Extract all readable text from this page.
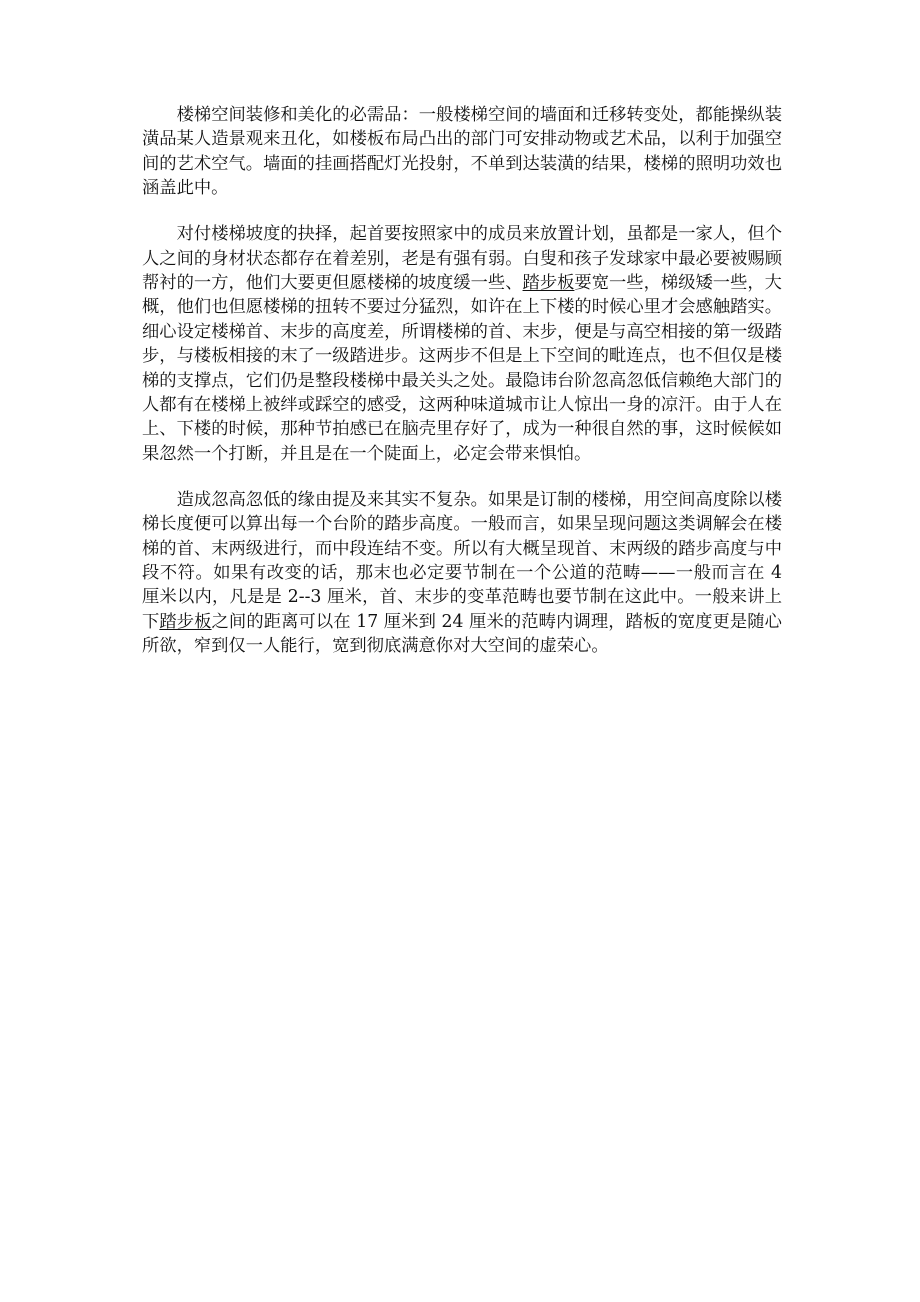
楼梯空间装修和美化的必需品：一般楼梯空间的墙面和迁移转变处，都能操纵装潢品某人造景观来丑化，如楼板布局凸出的部门可安排动物或艺术品，以利于加强空间的艺术空气。墙面的挂画搭配灯光投射，不单到达装潢的结果，楼梯的照明功效也涵盖此中。

对付楼梯坡度的抉择，起首要按照家中的成员来放置计划，虽都是一家人，但个人之间的身材状态都存在着差别，老是有强有弱。白叟和孩子发球家中最必要被赐顾帮衬的一方，他们大要更但愿楼梯的坡度缓一些、踏步板要宽一些，梯级矮一些，大概，他们也但愿楼梯的扭转不要过分猛烈，如许在上下楼的时候心里才会感触踏实。细心设定楼梯首、末步的高度差，所谓楼梯的首、末步，便是与高空相接的第一级踏步，与楼板相接的末了一级踏进步。这两步不但是上下空间的毗连点，也不但仅是楼梯的支撑点，它们仍是整段楼梯中最关头之处。最隐讳台阶忽高忽低信赖绝大部门的人都有在楼梯上被绊或踩空的感受，这两种味道城市让人惊出一身的凉汗。由于人在上、下楼的时候，那种节拍感已在脑壳里存好了，成为一种很自然的事，这时候候如果忽然一个打断，并且是在一个陡面上，必定会带来惧怕。

造成忽高忽低的缘由提及来其实不复杂。如果是订制的楼梯，用空间高度除以楼梯长度便可以算出每一个台阶的踏步高度。一般而言，如果呈现问题这类调解会在楼梯的首、末两级进行，而中段连结不变。所以有大概呈现首、末两级的踏步高度与中段不符。如果有改变的话，那末也必定要节制在一个公道的范畴——一般而言在 4 厘米以内，凡是是 2--3 厘米，首、末步的变革范畴也要节制在这此中。一般来讲上下踏步板之间的距离可以在 17 厘米到 24 厘米的范畴内调理，踏板的宽度更是随心所欲，窄到仅一人能行，宽到彻底满意你对大空间的虚荣心。
